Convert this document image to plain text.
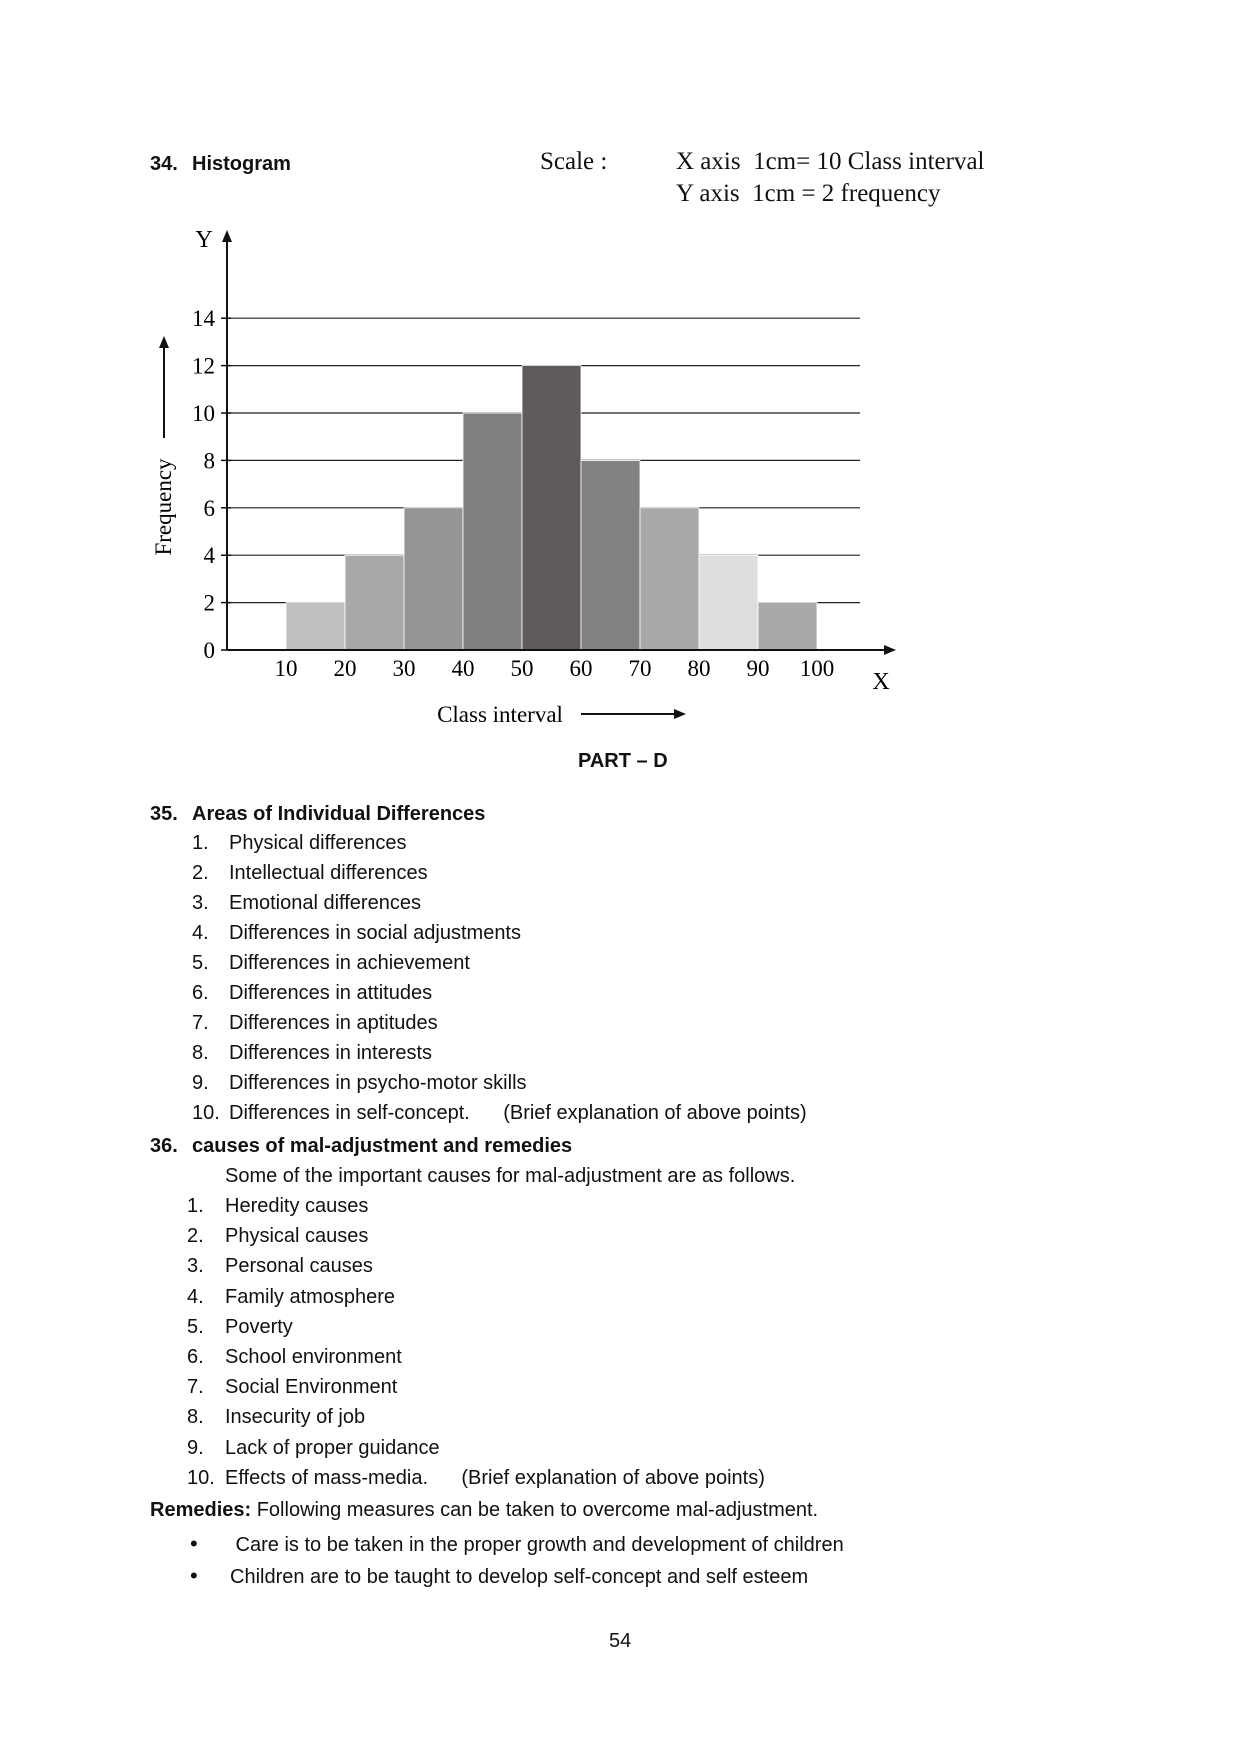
34. Histogram	Scale :	X axis  1cm= 10 Class interval
Y axis  1cm = 2 frequency
0
2
4
6
8
10
12
14
10 20 30 40 50 60 70 80 90 100
Y
X
Frequency
Class interval
PART – D
35. Areas of Individual Differences
1. Physical differences
2. Intellectual differences
3. Emotional differences
4. Differences in social adjustments
5. Differences in achievement
6. Differences in attitudes
7. Differences in aptitudes
8. Differences in interests
9. Differences in psycho-motor skills
10. Differences in self-concept.      (Brief explanation of above points)
36. causes of mal-adjustment and remedies
Some of the important causes for mal-adjustment are as follows.
1. Heredity causes
2. Physical causes
3. Personal causes
4. Family atmosphere
5. Poverty
6. School environment
7. Social Environment
8. Insecurity of job
9. Lack of proper guidance
10. Effects of mass-media.      (Brief explanation of above points)
Remedies: Following measures can be taken to overcome mal-adjustment.
• Care is to be taken in the proper growth and development of children
• Children are to be taught to develop self-concept and self esteem
54
